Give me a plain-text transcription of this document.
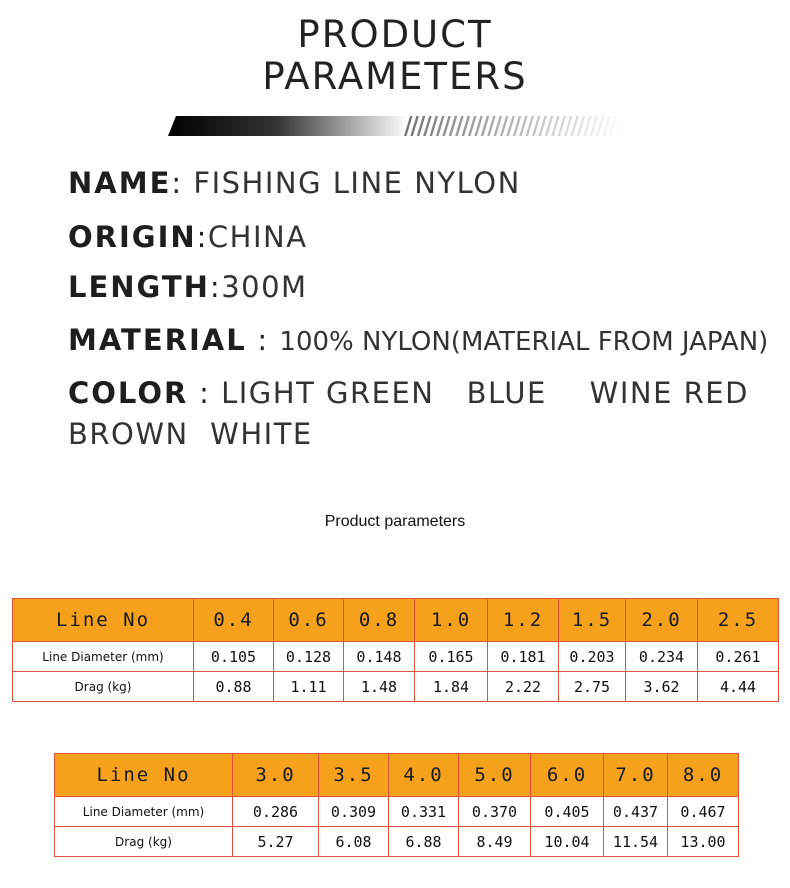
PRODUCT
PARAMETERS
NAME: FISHING LINE NYLON
ORIGIN:CHINA
LENGTH:300M
MATERIAL : 100% NYLON(MATERIAL FROM JAPAN)
COLOR : LIGHT GREEN   BLUE    WINE RED
BROWN  WHITE
Product parameters
Line No	0.4	0.6	0.8	1.0	1.2	1.5	2.0	2.5
Line Diameter (mm)	0.105	0.128	0.148	0.165	0.181	0.203	0.234	0.261
Drag (kg)	0.88	1.11	1.48	1.84	2.22	2.75	3.62	4.44
Line No	3.0	3.5	4.0	5.0	6.0	7.0	8.0
Line Diameter (mm)	0.286	0.309	0.331	0.370	0.405	0.437	0.467
Drag (kg)	5.27	6.08	6.88	8.49	10.04	11.54	13.00
